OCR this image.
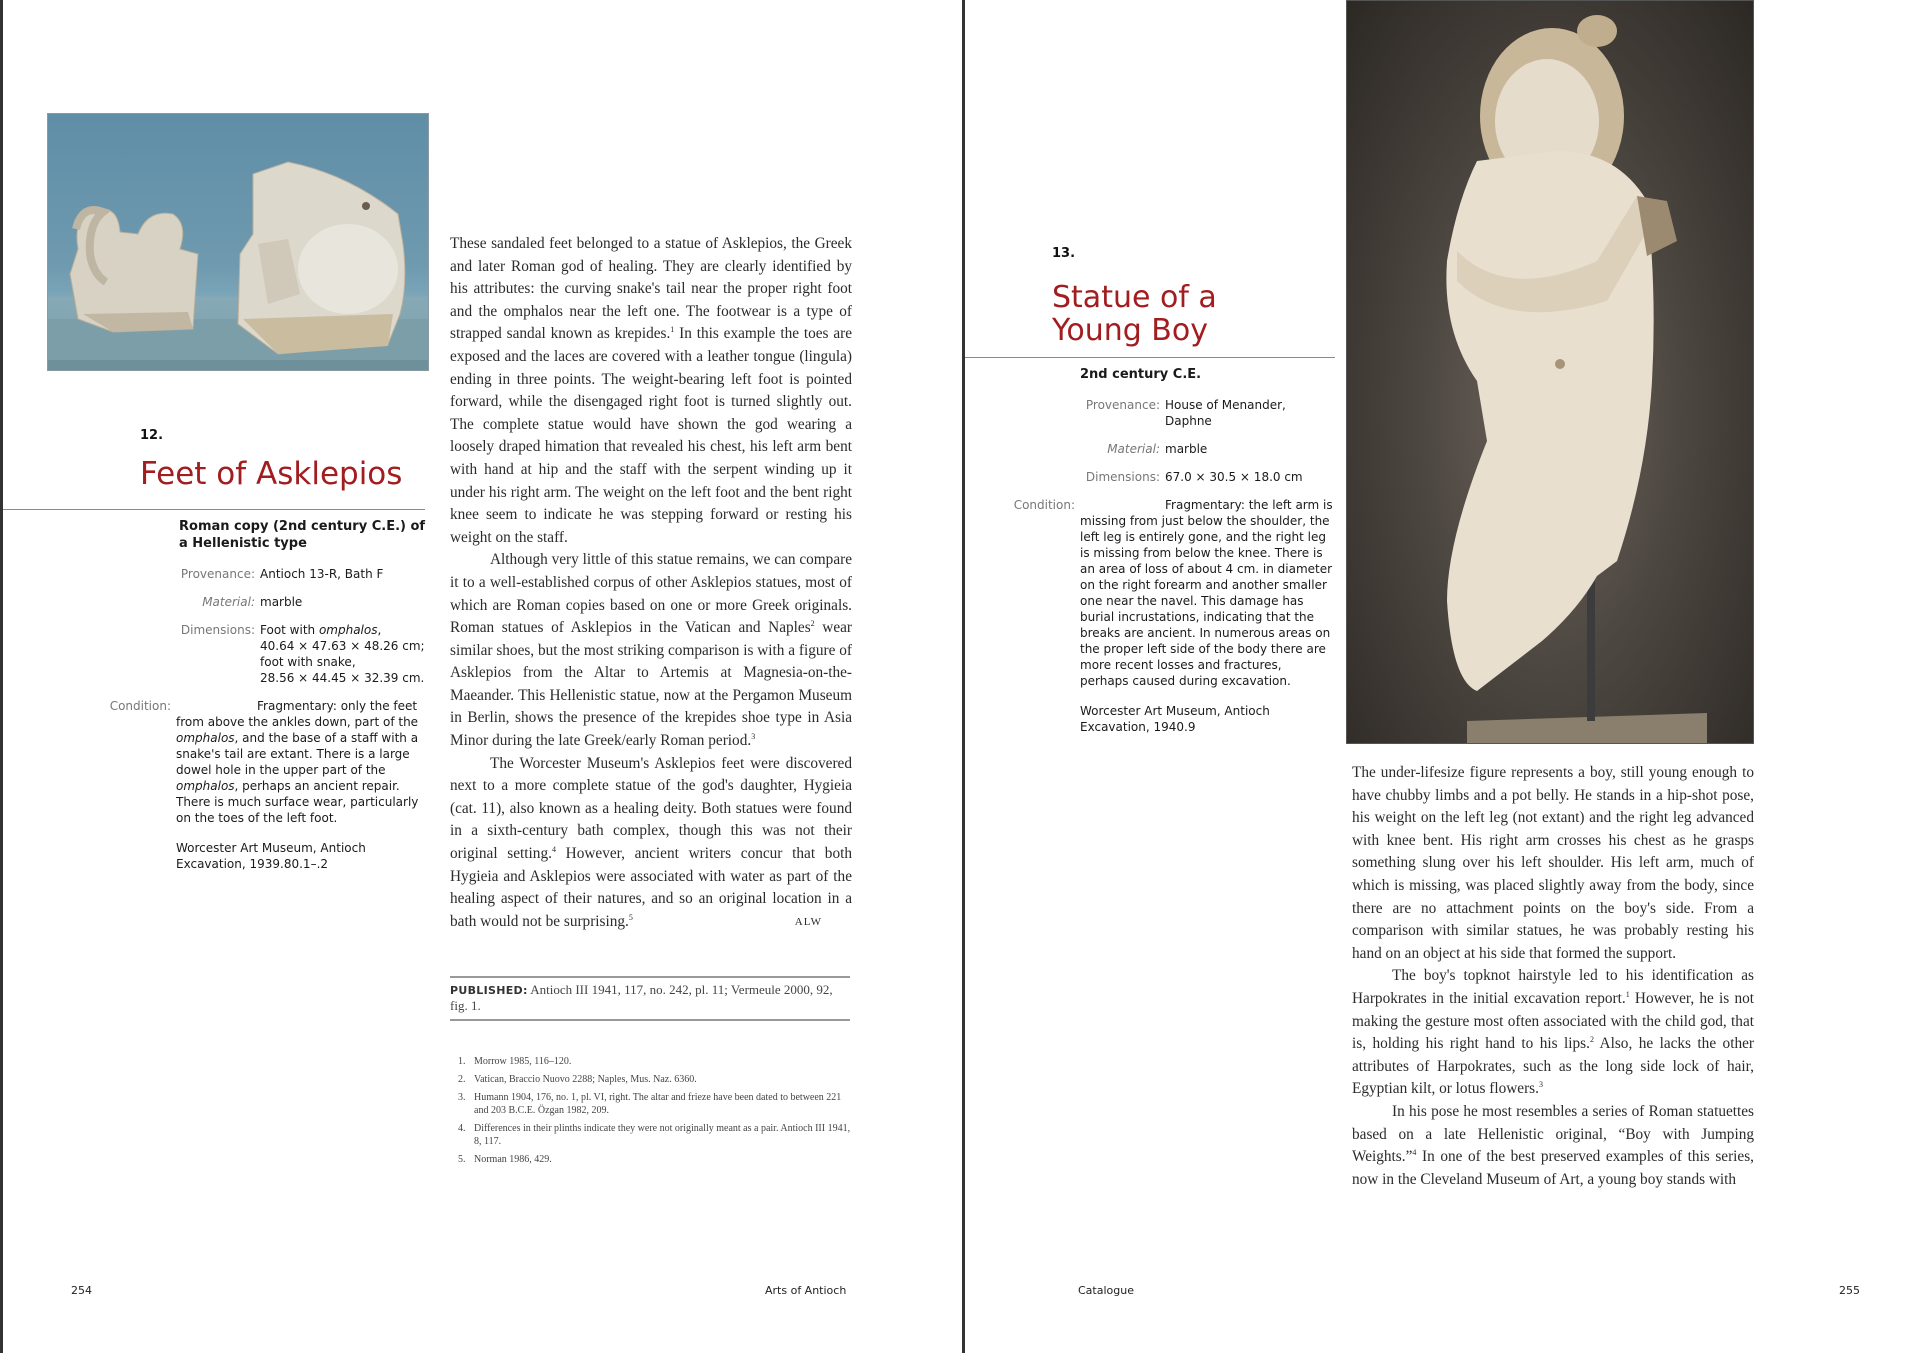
12.
Feet of Asklepios
Roman copy (2nd century C.E.) of a Hellenistic type
Provenance: Antioch 13-R, Bath F
Material: marble
Dimensions: Foot with omphalos,
40.64 × 47.63 × 48.26 cm;
foot with snake,
28.56 × 44.45 × 32.39 cm.
Condition:	Fragmentary: only the feet from above the ankles down, part of the omphalos, and the base of a staff with a snake's tail are extant. There is a large dowel hole in the upper part of the omphalos, perhaps an ancient repair. There is much surface wear, particularly on the toes of the left foot.
Worcester Art Museum, Antioch Excavation, 1939.80.1–.2

These sandaled feet belonged to a statue of Asklepios, the Greek and later Roman god of healing. They are clearly identified by his attributes: the curving snake's tail near the proper right foot and the omphalos near the left one. The footwear is a type of strapped sandal known as krepides.$^1$ In this example the toes are exposed and the laces are covered with a leather tongue (lingula) ending in three points. The weight-bearing left foot is pointed forward, while the disengaged right foot is turned slightly out. The complete statue would have shown the god wearing a loosely draped himation that revealed his chest, his left arm bent with hand at hip and the staff with the serpent winding up it under his right arm. The weight on the left foot and the bent right knee seem to indicate he was stepping forward or resting his weight on the staff.

Although very little of this statue remains, we can compare it to a well-established corpus of other Asklepios statues, most of which are Roman copies based on one or more Greek originals. Roman statues of Asklepios in the Vatican and Naples$^2$ wear similar shoes, but the most striking comparison is with a figure of Asklepios from the Altar to Artemis at Magnesia-on-the-Maeander. This Hellenistic statue, now at the Pergamon Museum in Berlin, shows the presence of the krepides shoe type in Asia Minor during the late Greek/early Roman period.$^3$

The Worcester Museum's Asklepios feet were discovered next to a more complete statue of the god's daughter, Hygieia (cat. 11), also known as a healing deity. Both statues were found in a sixth-century bath complex, though this was not their original setting.$^4$ However, ancient writers concur that both Hygieia and Asklepios were associated with water as part of the healing aspect of their natures, and so an original location in a bath would not be surprising.$^5$	ALW

PUBLISHED: Antioch III 1941, 117, no. 242, pl. 11; Vermeule 2000, 92, fig. 1.
1. Morrow 1985, 116–120.
2. Vatican, Braccio Nuovo 2288; Naples, Mus. Naz. 6360.
3. Humann 1904, 176, no. 1, pl. VI, right. The altar and frieze have been dated to between 221 and 203 B.C.E. Özgan 1982, 209.
4. Differences in their plinths indicate they were not originally meant as a pair. Antioch III 1941, 8, 117.
5. Norman 1986, 429.
254	Arts of Antioch
13.
Statue of a
Young Boy
2nd century C.E.
Provenance: House of Menander,
Daphne
Material: marble
Dimensions: 67.0 × 30.5 × 18.0 cm
Condition:	Fragmentary: the left arm is missing from just below the shoulder, the left leg is entirely gone, and the right leg is missing from below the knee. There is an area of loss of about 4 cm. in diameter on the right forearm and another smaller one near the navel. This damage has burial incrustations, indicating that the breaks are ancient. In numerous areas on the proper left side of the body there are more recent losses and fractures, perhaps caused during excavation.
Worcester Art Museum, Antioch Excavation, 1940.9

The under-lifesize figure represents a boy, still young enough to have chubby limbs and a pot belly. He stands in a hip-shot pose, his weight on the left leg (not extant) and the right leg advanced with knee bent. His right arm crosses his chest as he grasps something slung over his left shoulder. His left arm, much of which is missing, was placed slightly away from the body, since there are no attachment points on the boy's side. From a comparison with similar statues, he was probably resting his hand on an object at his side that formed the support.

The boy's topknot hairstyle led to his identification as Harpokrates in the initial excavation report.$^1$ However, he is not making the gesture most often associated with the child god, that is, holding his right hand to his lips.$^2$ Also, he lacks the other attributes of Harpokrates, such as the long side lock of hair, Egyptian kilt, or lotus flowers.$^3$

In his pose he most resembles a series of Roman statuettes based on a late Hellenistic original, “Boy with Jumping Weights.”$^4$ In one of the best preserved examples of this series, now in the Cleveland Museum of Art, a young boy stands with

Catalogue	255
